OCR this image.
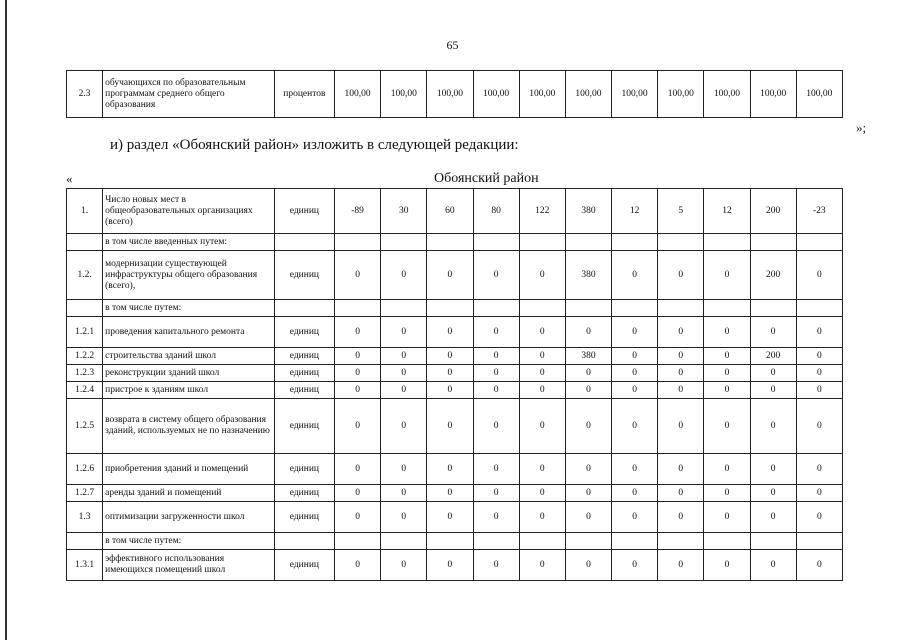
65
2.3	обучающихся по образовательным программам среднего общего образования	процентов	100,00	100,00	100,00	100,00	100,00	100,00	100,00	100,00	100,00	100,00	100,00
»;
и) раздел «Обоянский район» изложить в следующей редакции:
«	Обоянский район
1.	Число новых мест в общеобразовательных организациях (всего)	единиц	-89	30	60	80	122	380	12	5	12	200	-23
	в том числе введенных путем:												
1.2.	модернизации существующей инфраструктуры общего образования (всего),	единиц	0	0	0	0	0	380	0	0	0	200	0
	в том числе путем:												
1.2.1	проведения капитального ремонта	единиц	0	0	0	0	0	0	0	0	0	0	0
1.2.2	строительства зданий школ	единиц	0	0	0	0	0	380	0	0	0	200	0
1.2.3	реконструкции зданий школ	единиц	0	0	0	0	0	0	0	0	0	0	0
1.2.4	пристрое к зданиям школ	единиц	0	0	0	0	0	0	0	0	0	0	0
1.2.5	возврата в систему общего образования зданий, используемых не по назначению	единиц	0	0	0	0	0	0	0	0	0	0	0
1.2.6	приобретения зданий и помещений	единиц	0	0	0	0	0	0	0	0	0	0	0
1.2.7	аренды зданий и помещений	единиц	0	0	0	0	0	0	0	0	0	0	0
1.3	оптимизации загруженности школ	единиц	0	0	0	0	0	0	0	0	0	0	0
	в том числе путем:												
1.3.1	эффективного использования имеющихся помещений школ	единиц	0	0	0	0	0	0	0	0	0	0	0
